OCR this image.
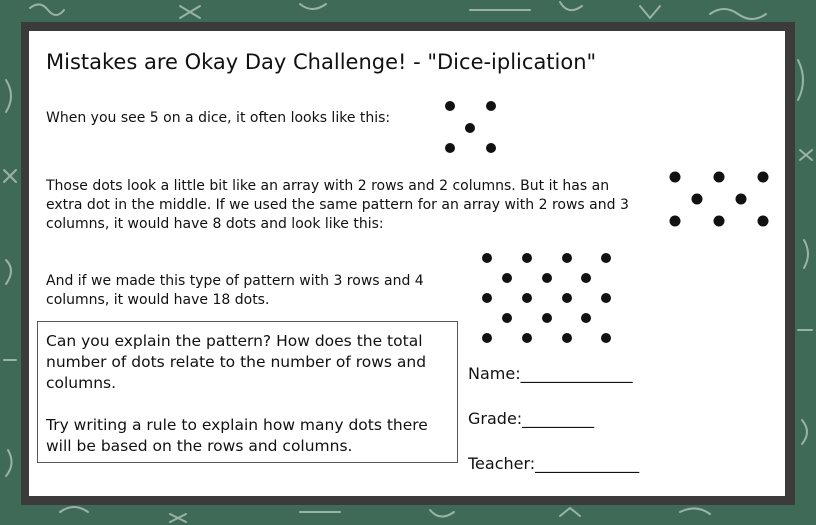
Mistakes are Okay Day Challenge! - "Dice-iplication"
When you see 5 on a dice, it often looks like this:
Those dots look a little bit like an array with 2 rows and 2 columns. But it has an extra dot in the middle. If we used the same pattern for an array with 2 rows and 3 columns, it would have 8 dots and look like this:
And if we made this type of pattern with 3 rows and 4 columns, it would have 18 dots.
Can you explain the pattern? How does the total number of dots relate to the number of rows and columns.
Try writing a rule to explain how many dots there will be based on the rows and columns.
Name:______________
Grade:_________
Teacher:_____________
